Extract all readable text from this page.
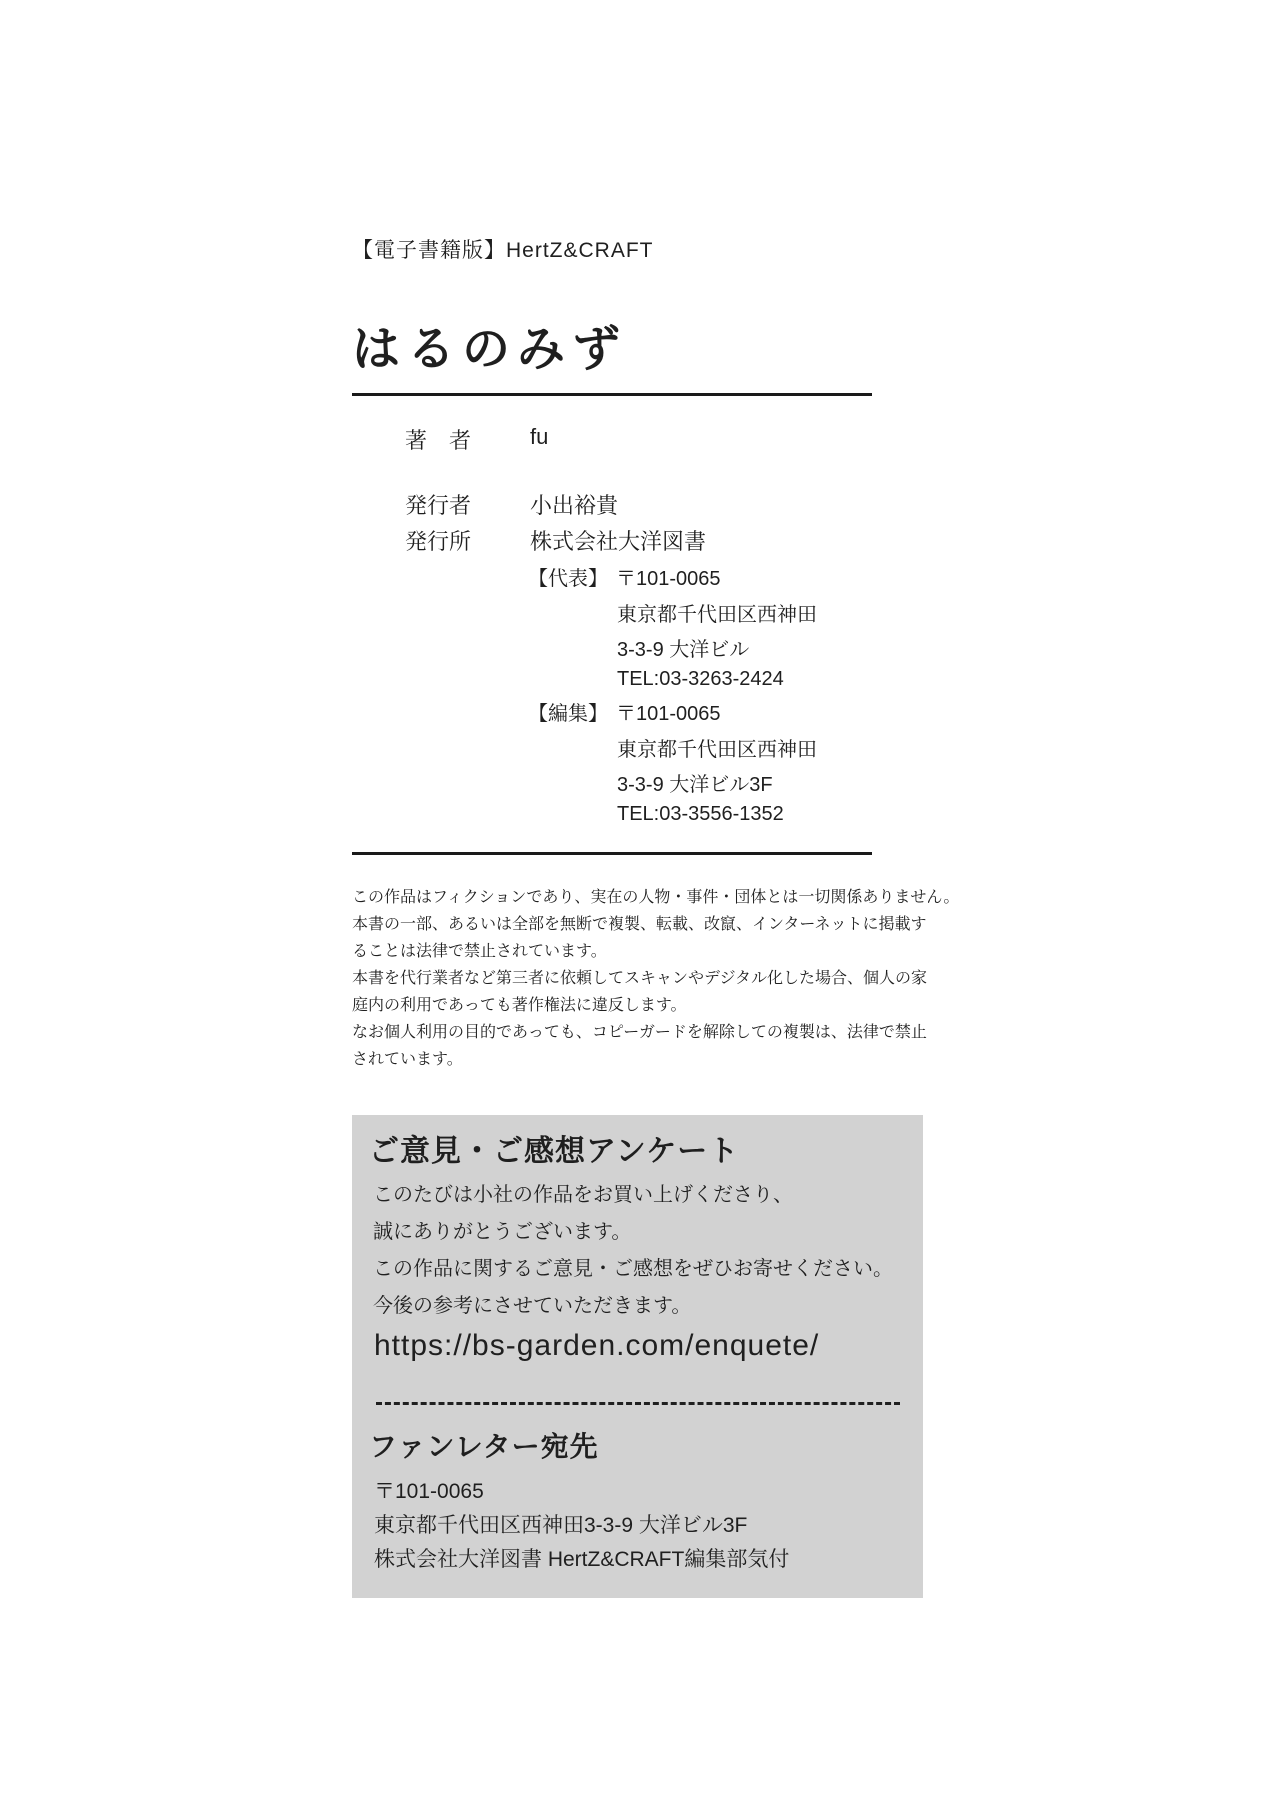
【電子書籍版】HertZ&CRAFT
はるのみず
著　者	fu
発行者	小出裕貴
発行所	株式会社大洋図書
【代表】 〒101-0065
東京都千代田区西神田
3-3-9 大洋ビル
TEL:03-3263-2424
【編集】 〒101-0065
東京都千代田区西神田
3-3-9 大洋ビル3F
TEL:03-3556-1352
この作品はフィクションであり、実在の人物・事件・団体とは一切関係ありません。
本書の一部、あるいは全部を無断で複製、転載、改竄、インターネットに掲載す
ることは法律で禁止されています。
本書を代行業者など第三者に依頼してスキャンやデジタル化した場合、個人の家
庭内の利用であっても著作権法に違反します。
なお個人利用の目的であっても、コピーガードを解除しての複製は、法律で禁止
されています。
ご意見・ご感想アンケート
このたびは小社の作品をお買い上げくださり、
誠にありがとうございます。
この作品に関するご意見・ご感想をぜひお寄せください。
今後の参考にさせていただきます。
https://bs-garden.com/enquete/
ファンレター宛先
〒101-0065
東京都千代田区西神田3-3-9 大洋ビル3F
株式会社大洋図書 HertZ&CRAFT編集部気付
